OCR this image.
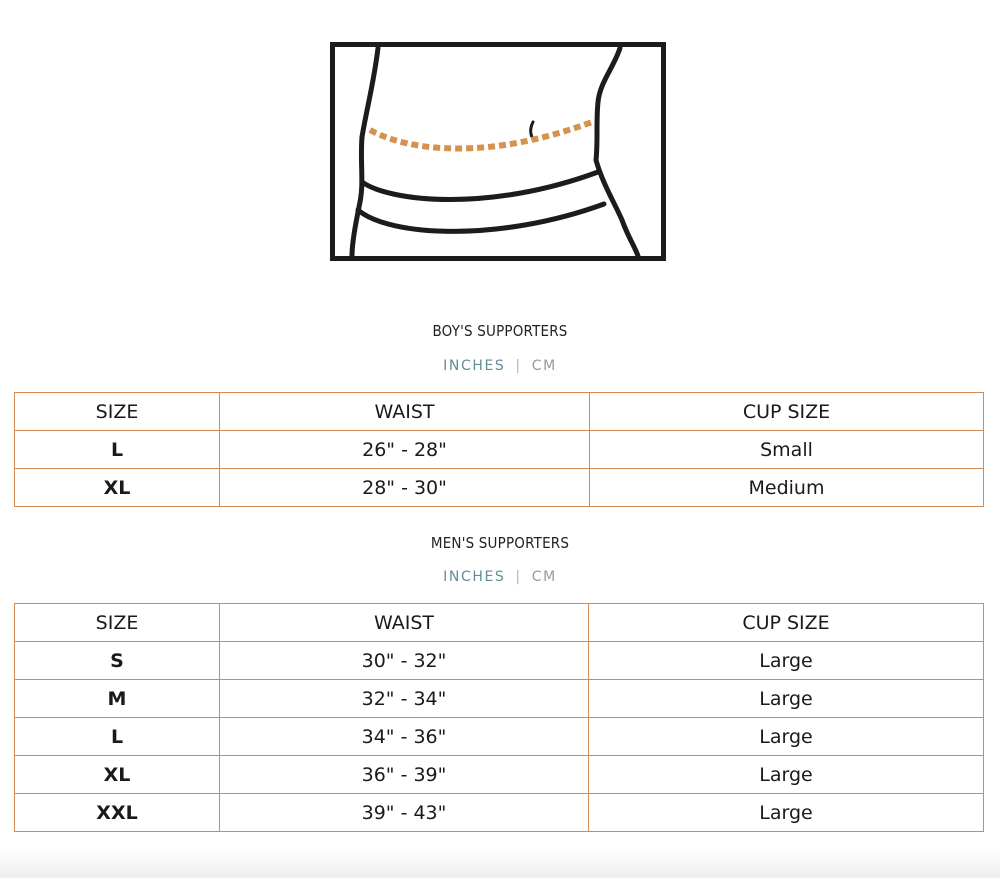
BOY'S SUPPORTERS
INCHES | CM
SIZE	WAIST	CUP SIZE
L	26" - 28"	Small
XL	28" - 30"	Medium
MEN'S SUPPORTERS
INCHES | CM
SIZE	WAIST	CUP SIZE
S	30" - 32"	Large
M	32" - 34"	Large
L	34" - 36"	Large
XL	36" - 39"	Large
XXL	39" - 43"	Large
